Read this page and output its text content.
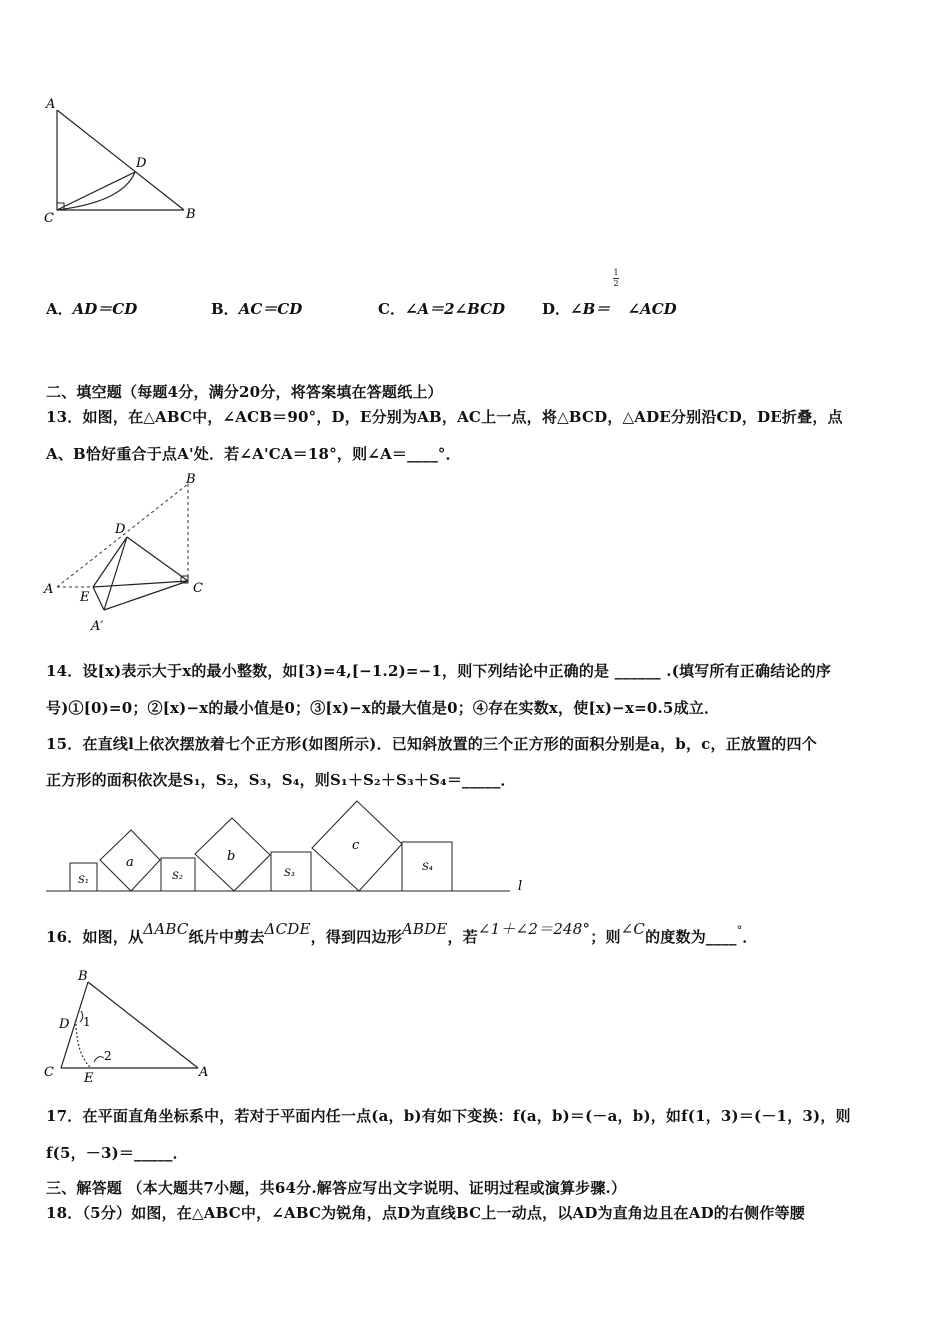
A
D
C	B
A．AD＝CD	B．AC＝CD	C．∠A＝2∠BCD D．∠B＝ ∠ACD
1
2
二、填空题（每题4分，满分20分，将答案填在答题纸上）
13．如图，在△ABC中，∠ACB＝90°，D，E分别为AB，AC上一点，将△BCD，△ADE分别沿CD，DE折叠，点
A、B恰好重合于点A'处．若∠A'CA＝18°，则∠A＝____°．
B
D
A
E
C
A′
14．设[x)表示大于x的最小整数，如[3)=4,[−1.2)=−1，则下列结论中正确的是 ______ .(填写所有正确结论的序
号)①[0)=0；②[x)−x的最小值是0；③[x)−x的最大值是0；④存在实数x，使[x)−x=0.5成立．
15．在直线l上依次摆放着七个正方形(如图所示)．已知斜放置的三个正方形的面积分别是a，b，c，正放置的四个
正方形的面积依次是S₁，S₂，S₃，S₄，则S₁＋S₂＋S₃＋S₄＝_____．
S₁
a
S₂
b
S₃
c
S₄
l
16．如图，从ΔABC纸片中剪去ΔCDE，得到四边形ABDE，若∠1＋∠2＝248°；则∠C的度数为____°．
B
D 1
2
C E	A
17．在平面直角坐标系中，若对于平面内任一点(a，b)有如下变换：f(a，b)＝(－a，b)，如f(1，3)＝(－1，3)，则
f(5，－3)＝_____．
三、解答题 （本大题共7小题，共64分.解答应写出文字说明、证明过程或演算步骤.）
18．（5分）如图，在△ABC中，∠ABC为锐角，点D为直线BC上一动点，以AD为直角边且在AD的右侧作等腰
